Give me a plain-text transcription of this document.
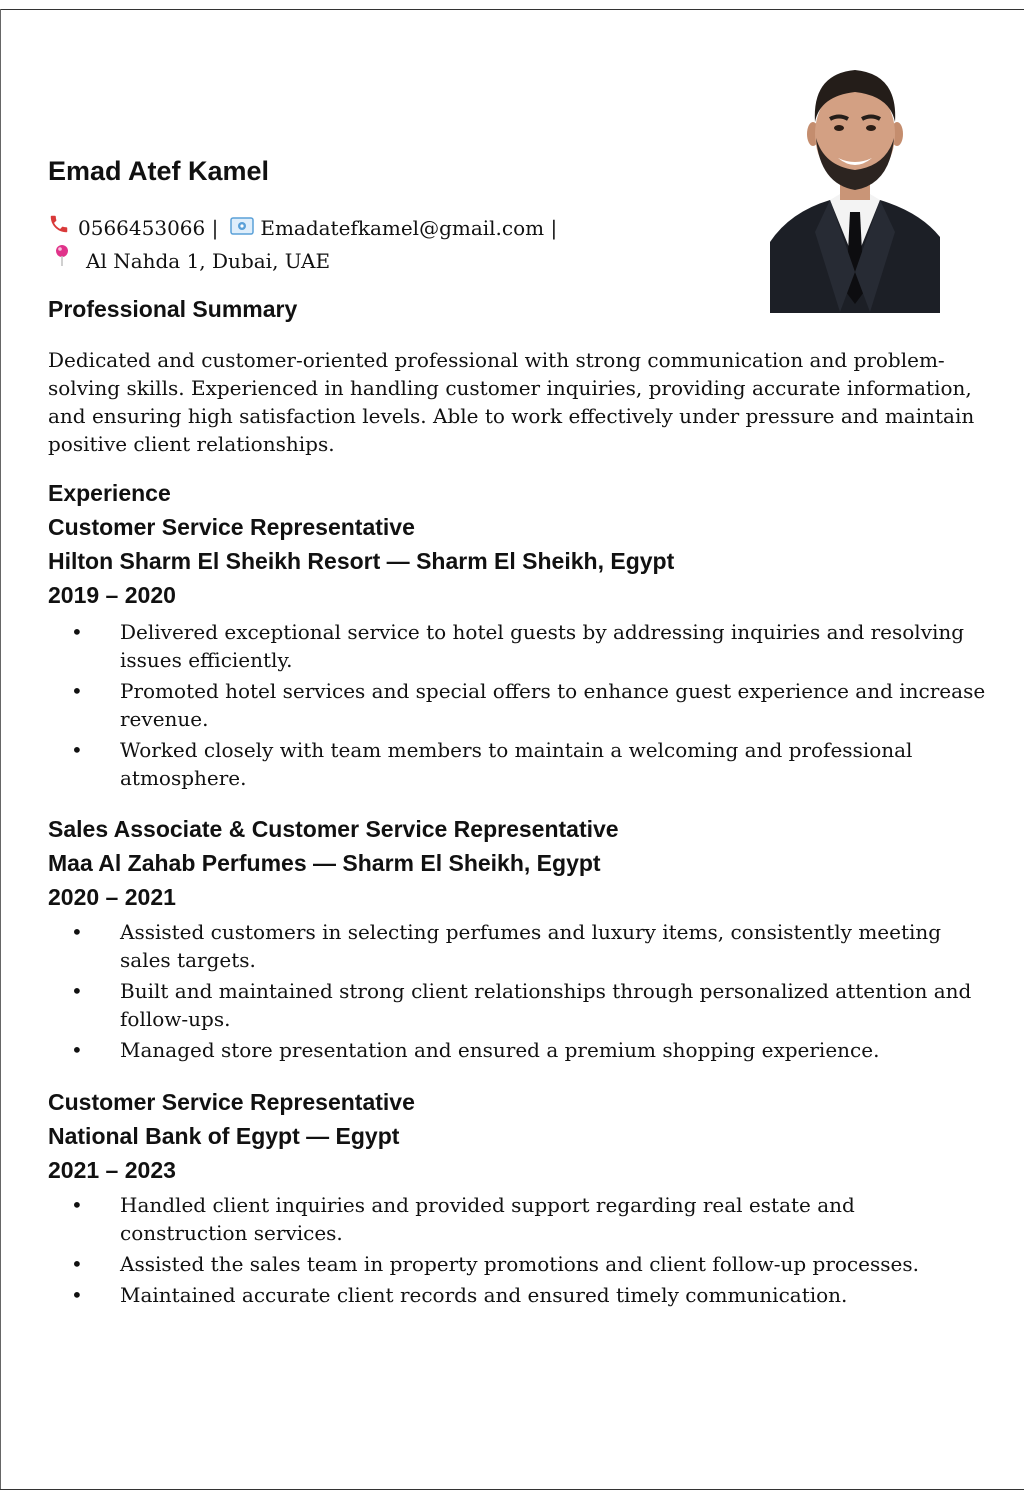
Emad Atef Kamel
0566453066 | Emadatefkamel@gmail.com |
Al Nahda 1, Dubai, UAE
Professional Summary

Dedicated and customer-oriented professional with strong communication and problem-solving skills. Experienced in handling customer inquiries, providing accurate information, and ensuring high satisfaction levels. Able to work effectively under pressure and maintain positive client relationships.

Experience
Customer Service Representative
Hilton Sharm El Sheikh Resort — Sharm El Sheikh, Egypt
2019 – 2020
• Delivered exceptional service to hotel guests by addressing inquiries and resolving issues efficiently.
• Promoted hotel services and special offers to enhance guest experience and increase revenue.
• Worked closely with team members to maintain a welcoming and professional atmosphere.
Sales Associate & Customer Service Representative
Maa Al Zahab Perfumes — Sharm El Sheikh, Egypt
2020 – 2021
• Assisted customers in selecting perfumes and luxury items, consistently meeting sales targets.
• Built and maintained strong client relationships through personalized attention and follow-ups.
• Managed store presentation and ensured a premium shopping experience.
Customer Service Representative
National Bank of Egypt — Egypt
2021 – 2023
• Handled client inquiries and provided support regarding real estate and construction services.
• Assisted the sales team in property promotions and client follow-up processes.
• Maintained accurate client records and ensured timely communication.
